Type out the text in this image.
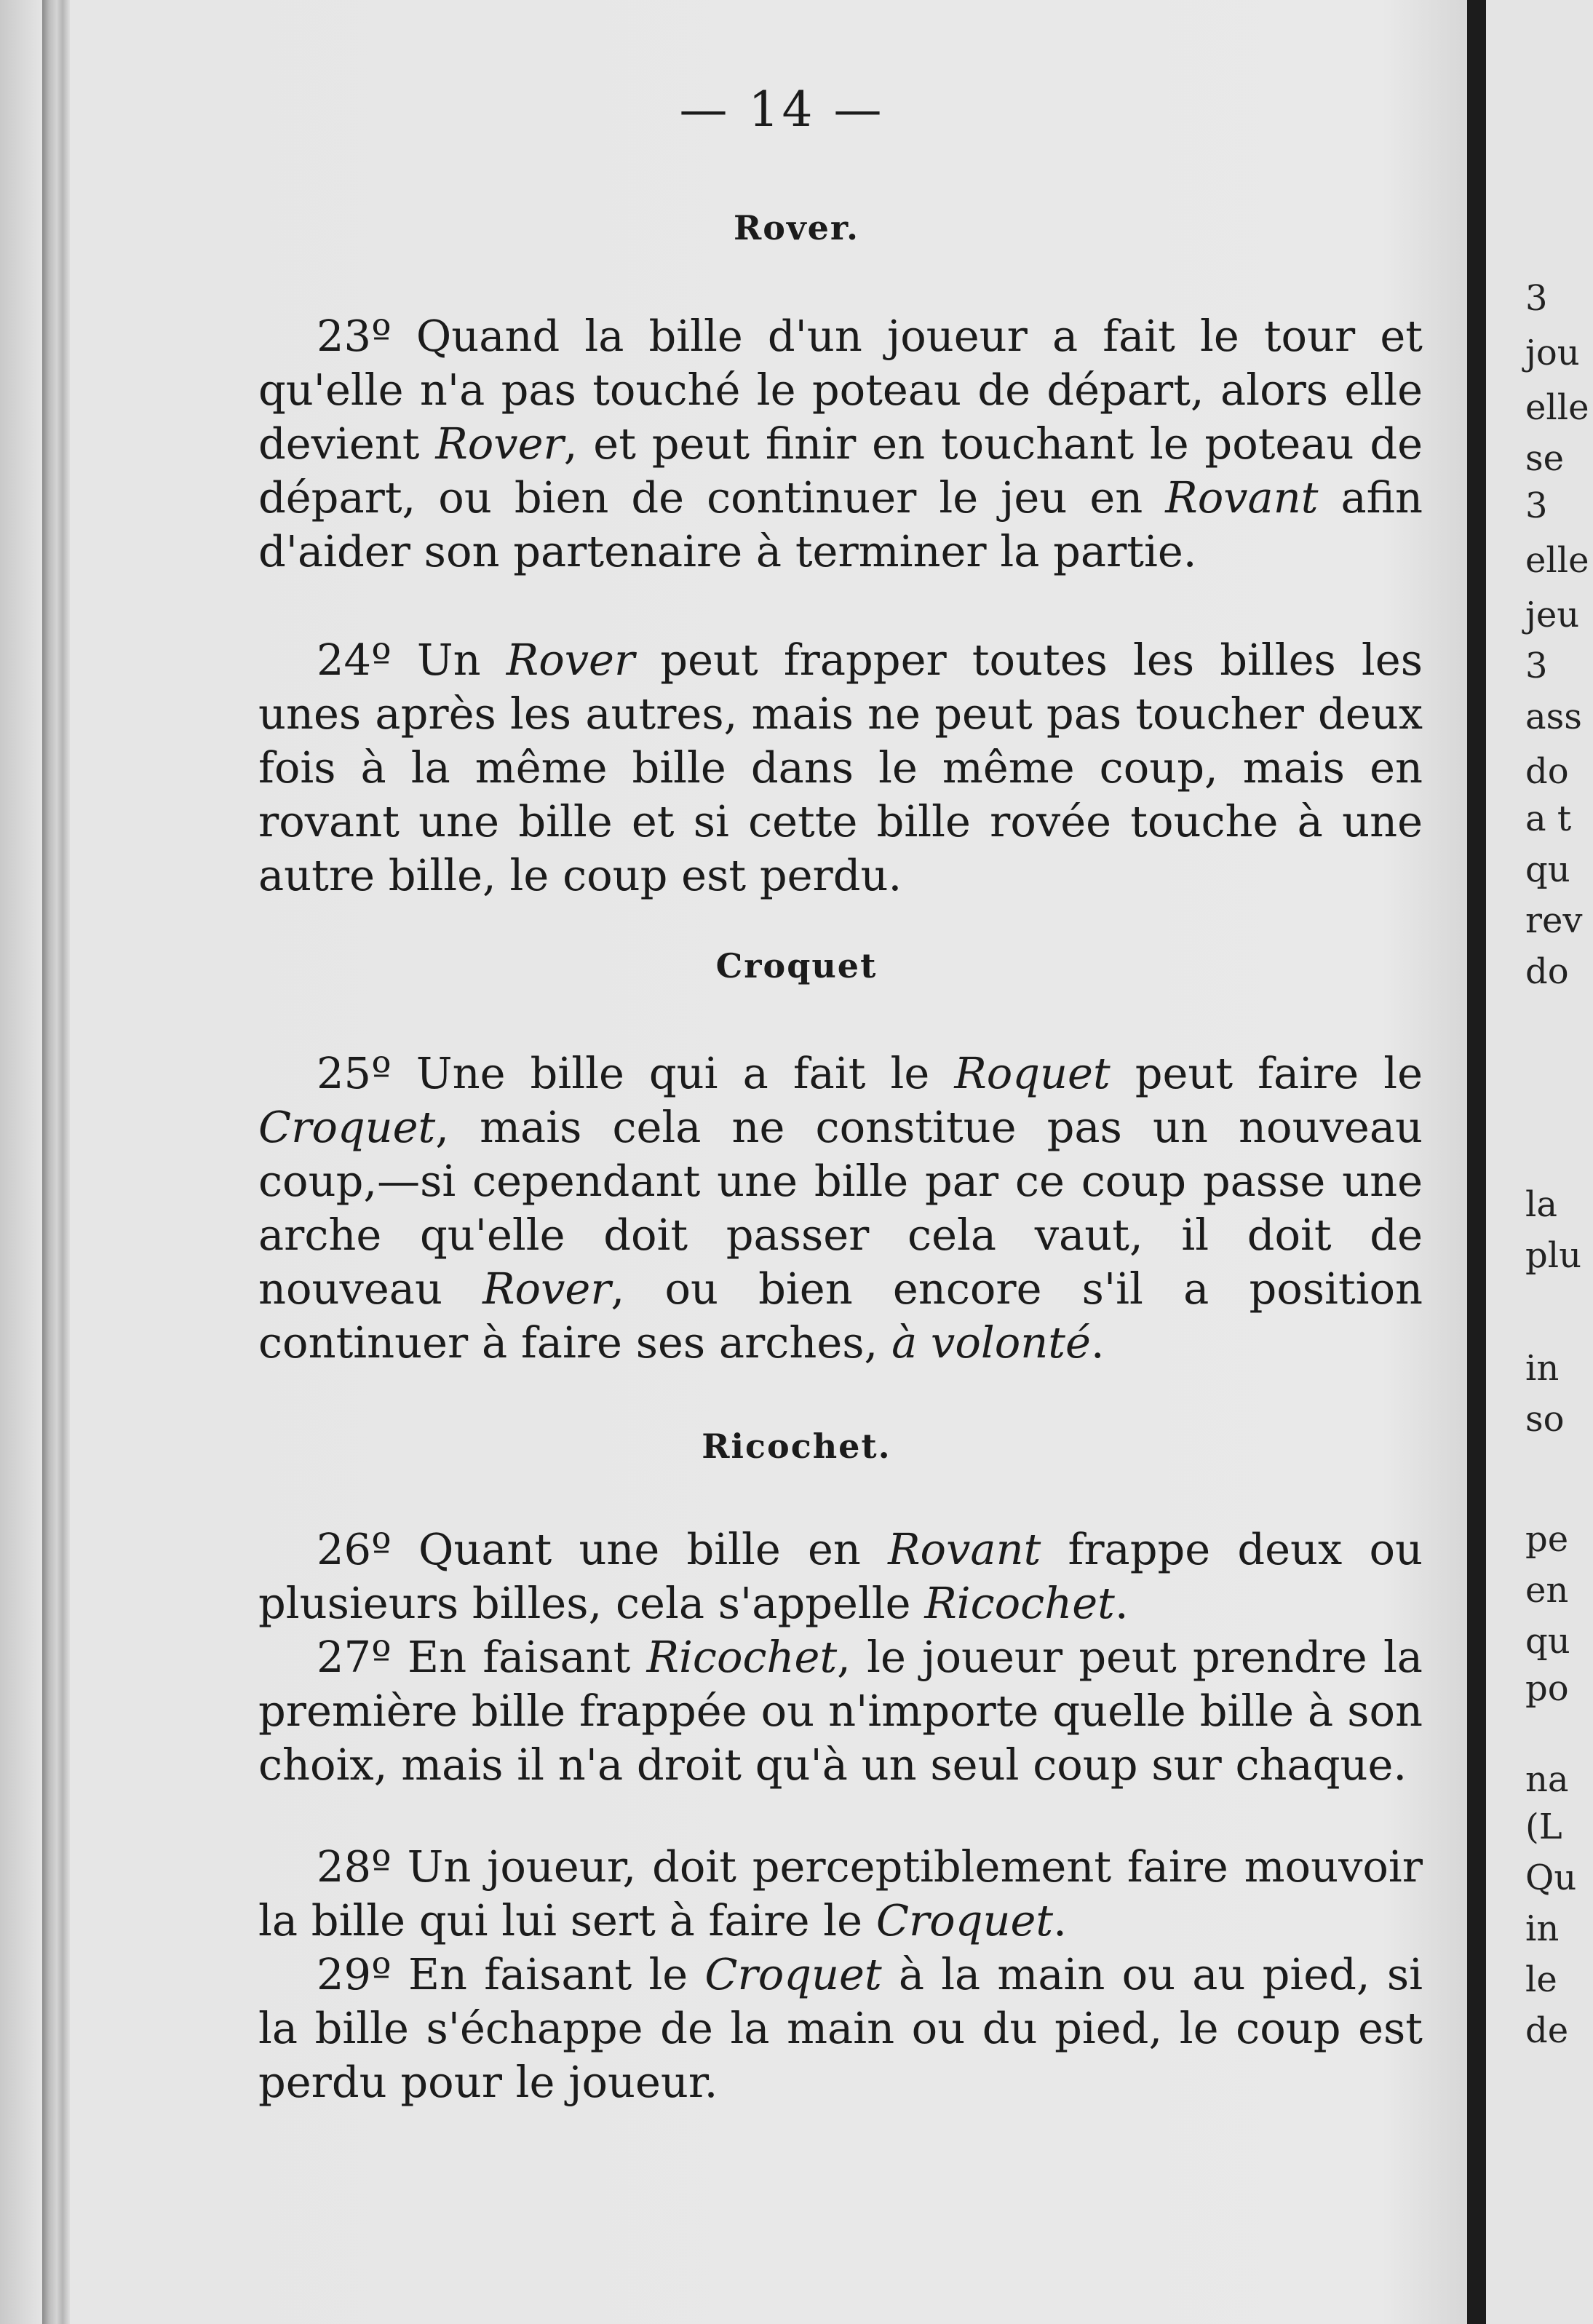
— 14 —
Rover.

23º Quand la bille d'un joueur a fait le tour et qu'elle n'a pas touché le poteau de départ, alors elle devient Rover, et peut finir en touchant le poteau de départ, ou bien de continuer le jeu en Rovant afin d'aider son partenaire à terminer la partie.

24º Un Rover peut frapper toutes les billes les unes après les autres, mais ne peut pas toucher deux fois à la même bille dans le même coup, mais en rovant une bille et si cette bille rovée touche à une autre bille, le coup est perdu.

Croquet

25º Une bille qui a fait le Roquet peut faire le Croquet, mais cela ne constitue pas un nouveau coup,—si cependant une bille par ce coup passe une arche qu'elle doit passer cela vaut, il doit de nouveau Rover, ou bien encore s'il a position continuer à faire ses arches, à volonté.

Ricochet.

26º Quant une bille en Rovant frappe deux ou plusieurs billes, cela s'appelle Ricochet.

27º En faisant Ricochet, le joueur peut prendre la première bille frappée ou n'importe quelle bille à son choix, mais il n'a droit qu'à un seul coup sur chaque.

28º Un joueur, doit perceptiblement faire mouvoir la bille qui lui sert à faire le Croquet.

29º En faisant le Croquet à la main ou au pied, si la bille s'échappe de la main ou du pied, le coup est perdu pour le joueur.

3
jou
elle
se
3
elle
jeu
3
ass
do
a t
qu
rev
do
la
plu
in
so
pe
en
qu
po
na
(L
Qu
in
le
de
